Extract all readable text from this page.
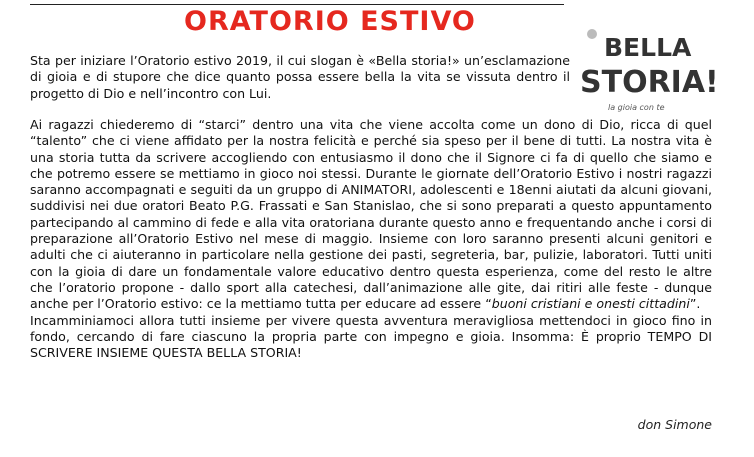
ORATORIO ESTIVO
BELLA
STORIA!
la gioia con te

Sta per iniziare l’Oratorio estivo 2019, il cui slogan è «Bella storia!» un’esclamazione di gioia e di stupore che dice quanto possa essere bella la vita se vissuta dentro il progetto di Dio e nell’incontro con Lui.

Ai ragazzi chiederemo di “starci” dentro una vita che viene accolta come un dono di Dio, ricca di quel “talento” che ci viene affidato per la nostra felicità e perché sia speso per il bene di tutti. La nostra vita è una storia tutta da scrivere accogliendo con entusiasmo il dono che il Signore ci fa di quello che siamo e che potremo essere se mettiamo in gioco noi stessi. Durante le giornate dell’Oratorio Estivo i nostri ragazzi saranno accompagnati e seguiti da un gruppo di ANIMATORI, adolescenti e 18enni aiutati da alcuni giovani, suddivisi nei due oratori Beato P.G. Frassati e San Stanislao, che si sono preparati a questo appuntamento partecipando al cammino di fede e alla vita oratoriana durante questo anno e frequentando anche i corsi di preparazione all’Oratorio Estivo nel mese di maggio. Insieme con loro saranno presenti alcuni genitori e adulti che ci aiuteranno in particolare nella gestione dei pasti, segreteria, bar, pulizie, laboratori. Tutti uniti con la gioia di dare un fondamentale valore educativo dentro questa esperienza, come del resto le altre che l’oratorio propone - dallo sport alla catechesi, dall’animazione alle gite, dai ritiri alle feste - dunque anche per l’Oratorio estivo: ce la mettiamo tutta per educare ad essere “buoni cristiani e onesti cittadini”.

Incamminiamoci allora tutti insieme per vivere questa avventura meravigliosa mettendoci in gioco fino in fondo, cercando di fare ciascuno la propria parte con impegno e gioia. Insomma: È proprio TEMPO DI SCRIVERE INSIEME QUESTA BELLA STORIA!

don Simone
